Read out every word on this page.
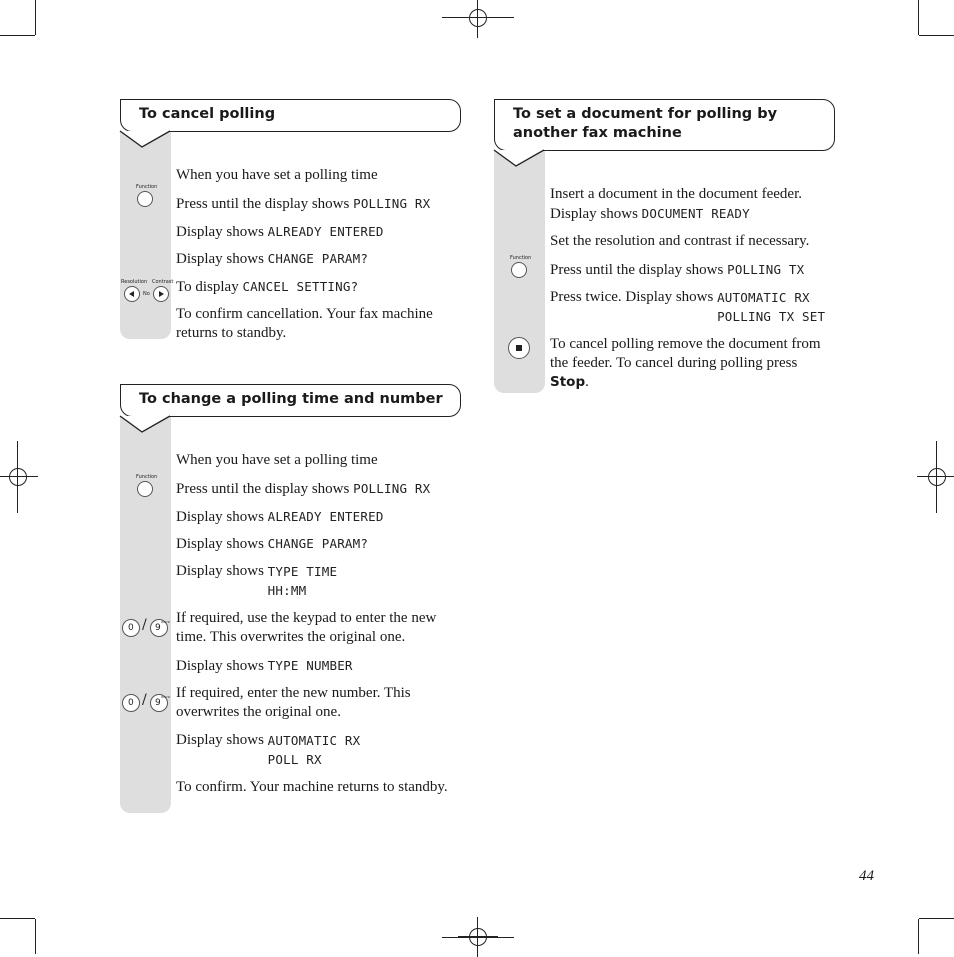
To cancel polling
Function
Resolution Contrast
No
When you have set a polling time
Press until the display shows POLLING RX
Display shows ALREADY ENTERED
Display shows CHANGE PARAM?
To display CANCEL SETTING?
To confirm cancellation. Your fax machine returns to standby.
To change a polling time and number
Function
0 / 9
WXYZ
0 / 9
WXYZ
When you have set a polling time
Press until the display shows POLLING RX
Display shows ALREADY ENTERED
Display shows CHANGE PARAM?
Display shows TYPE TIME
HH:MM
If required, use the keypad to enter the new time. This overwrites the original one.
Display shows TYPE NUMBER
If required, enter the new number. This overwrites the original one.
Display shows AUTOMATIC RX
POLL RX
To confirm. Your machine returns to standby.
To set a document for polling by another fax machine
Function
Insert a document in the document feeder. Display shows DOCUMENT READY
Set the resolution and contrast if necessary.
Press until the display shows POLLING TX
Press twice. Display shows AUTOMATIC RX
POLLING TX SET
To cancel polling remove the document from the feeder. To cancel during polling press Stop.
44
